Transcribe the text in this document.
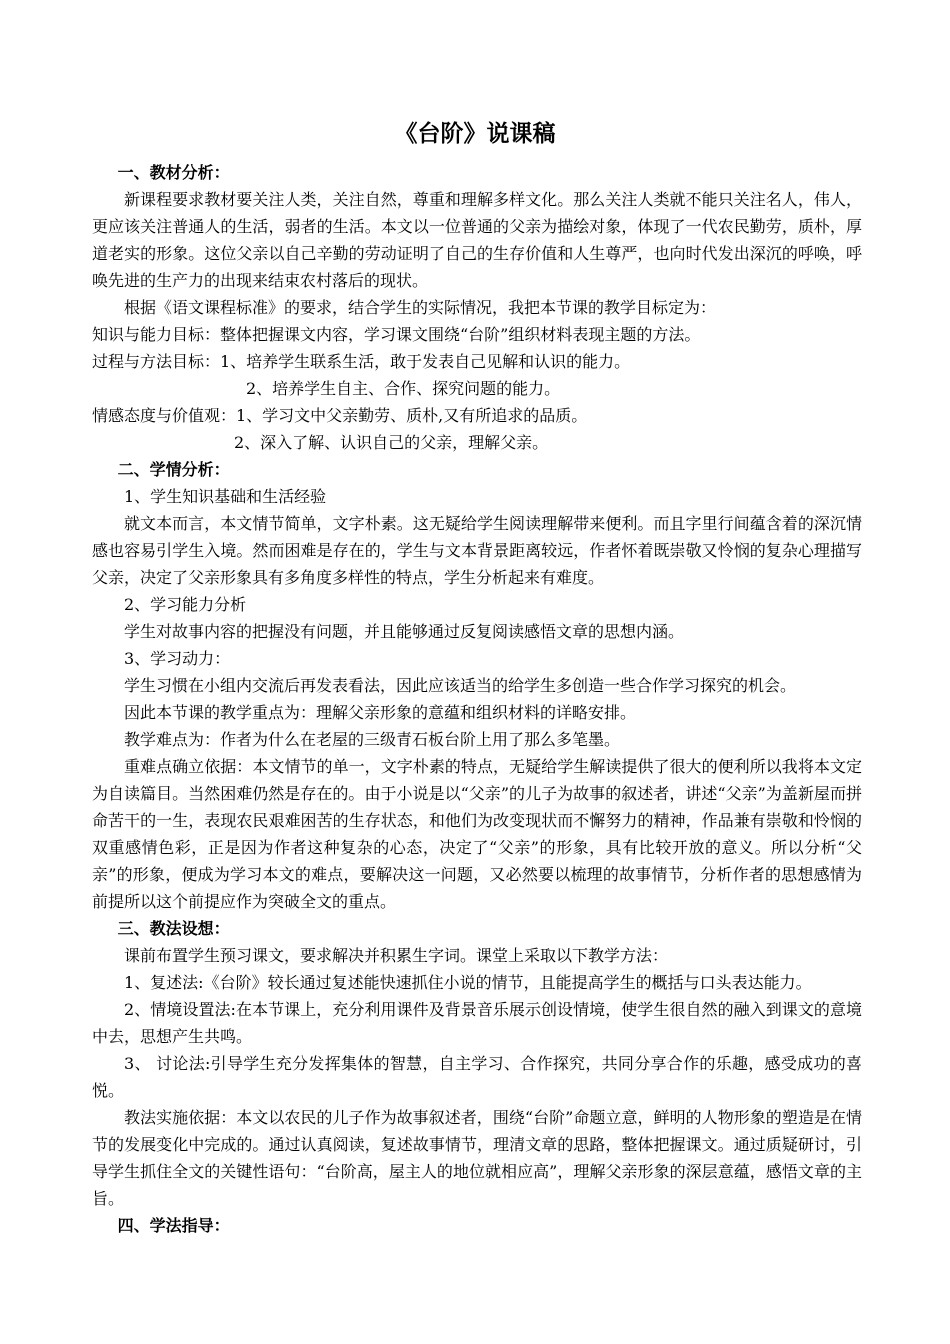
《台阶》说课稿

一、教材分析：

新课程要求教材要关注人类，关注自然，尊重和理解多样文化。那么关注人类就不能只关注名人，伟人，更应该关注普通人的生活，弱者的生活。本文以一位普通的父亲为描绘对象，体现了一代农民勤劳，质朴，厚道老实的形象。这位父亲以自己辛勤的劳动证明了自己的生存价值和人生尊严，也向时代发出深沉的呼唤，呼唤先进的生产力的出现来结束农村落后的现状。

根据《语文课程标准》的要求，结合学生的实际情况，我把本节课的教学目标定为：

知识与能力目标：整体把握课文内容，学习课文围绕“台阶”组织材料表现主题的方法。

过程与方法目标：1、培养学生联系生活，敢于发表自己见解和认识的能力。

2、培养学生自主、合作、探究问题的能力。

情感态度与价值观：1、学习文中父亲勤劳、质朴,又有所追求的品质。

2、深入了解、认识自己的父亲，理解父亲。

二、学情分析：

1、学生知识基础和生活经验

就文本而言，本文情节简单，文字朴素。这无疑给学生阅读理解带来便利。而且字里行间蕴含着的深沉情感也容易引学生入境。然而困难是存在的，学生与文本背景距离较远，作者怀着既崇敬又怜悯的复杂心理描写父亲，决定了父亲形象具有多角度多样性的特点，学生分析起来有难度。

2、学习能力分析

学生对故事内容的把握没有问题，并且能够通过反复阅读感悟文章的思想内涵。

3、学习动力：

学生习惯在小组内交流后再发表看法，因此应该适当的给学生多创造一些合作学习探究的机会。

因此本节课的教学重点为：理解父亲形象的意蕴和组织材料的详略安排。

教学难点为：作者为什么在老屋的三级青石板台阶上用了那么多笔墨。

重难点确立依据：本文情节的单一，文字朴素的特点，无疑给学生解读提供了很大的便利所以我将本文定为自读篇目。当然困难仍然是存在的。由于小说是以“父亲”的儿子为故事的叙述者，讲述“父亲”为盖新屋而拼命苦干的一生，表现农民艰难困苦的生存状态，和他们为改变现状而不懈努力的精神，作品兼有崇敬和怜悯的双重感情色彩，正是因为作者这种复杂的心态，决定了“父亲”的形象，具有比较开放的意义。所以分析“父亲”的形象，便成为学习本文的难点，要解决这一问题，又必然要以梳理的故事情节，分析作者的思想感情为前提所以这个前提应作为突破全文的重点。

三、教法设想：

课前布置学生预习课文，要求解决并积累生字词。课堂上采取以下教学方法：

1、复述法:《台阶》较长通过复述能快速抓住小说的情节，且能提高学生的概括与口头表达能力。

2、情境设置法:在本节课上，充分利用课件及背景音乐展示创设情境，使学生很自然的融入到课文的意境中去，思想产生共鸣。

3、 讨论法:引导学生充分发挥集体的智慧，自主学习、合作探究，共同分享合作的乐趣，感受成功的喜悦。

教法实施依据：本文以农民的儿子作为故事叙述者，围绕“台阶”命题立意，鲜明的人物形象的塑造是在情节的发展变化中完成的。通过认真阅读，复述故事情节，理清文章的思路，整体把握课文。通过质疑研讨，引导学生抓住全文的关键性语句：“台阶高，屋主人的地位就相应高”，理解父亲形象的深层意蕴，感悟文章的主旨。

四、学法指导：
